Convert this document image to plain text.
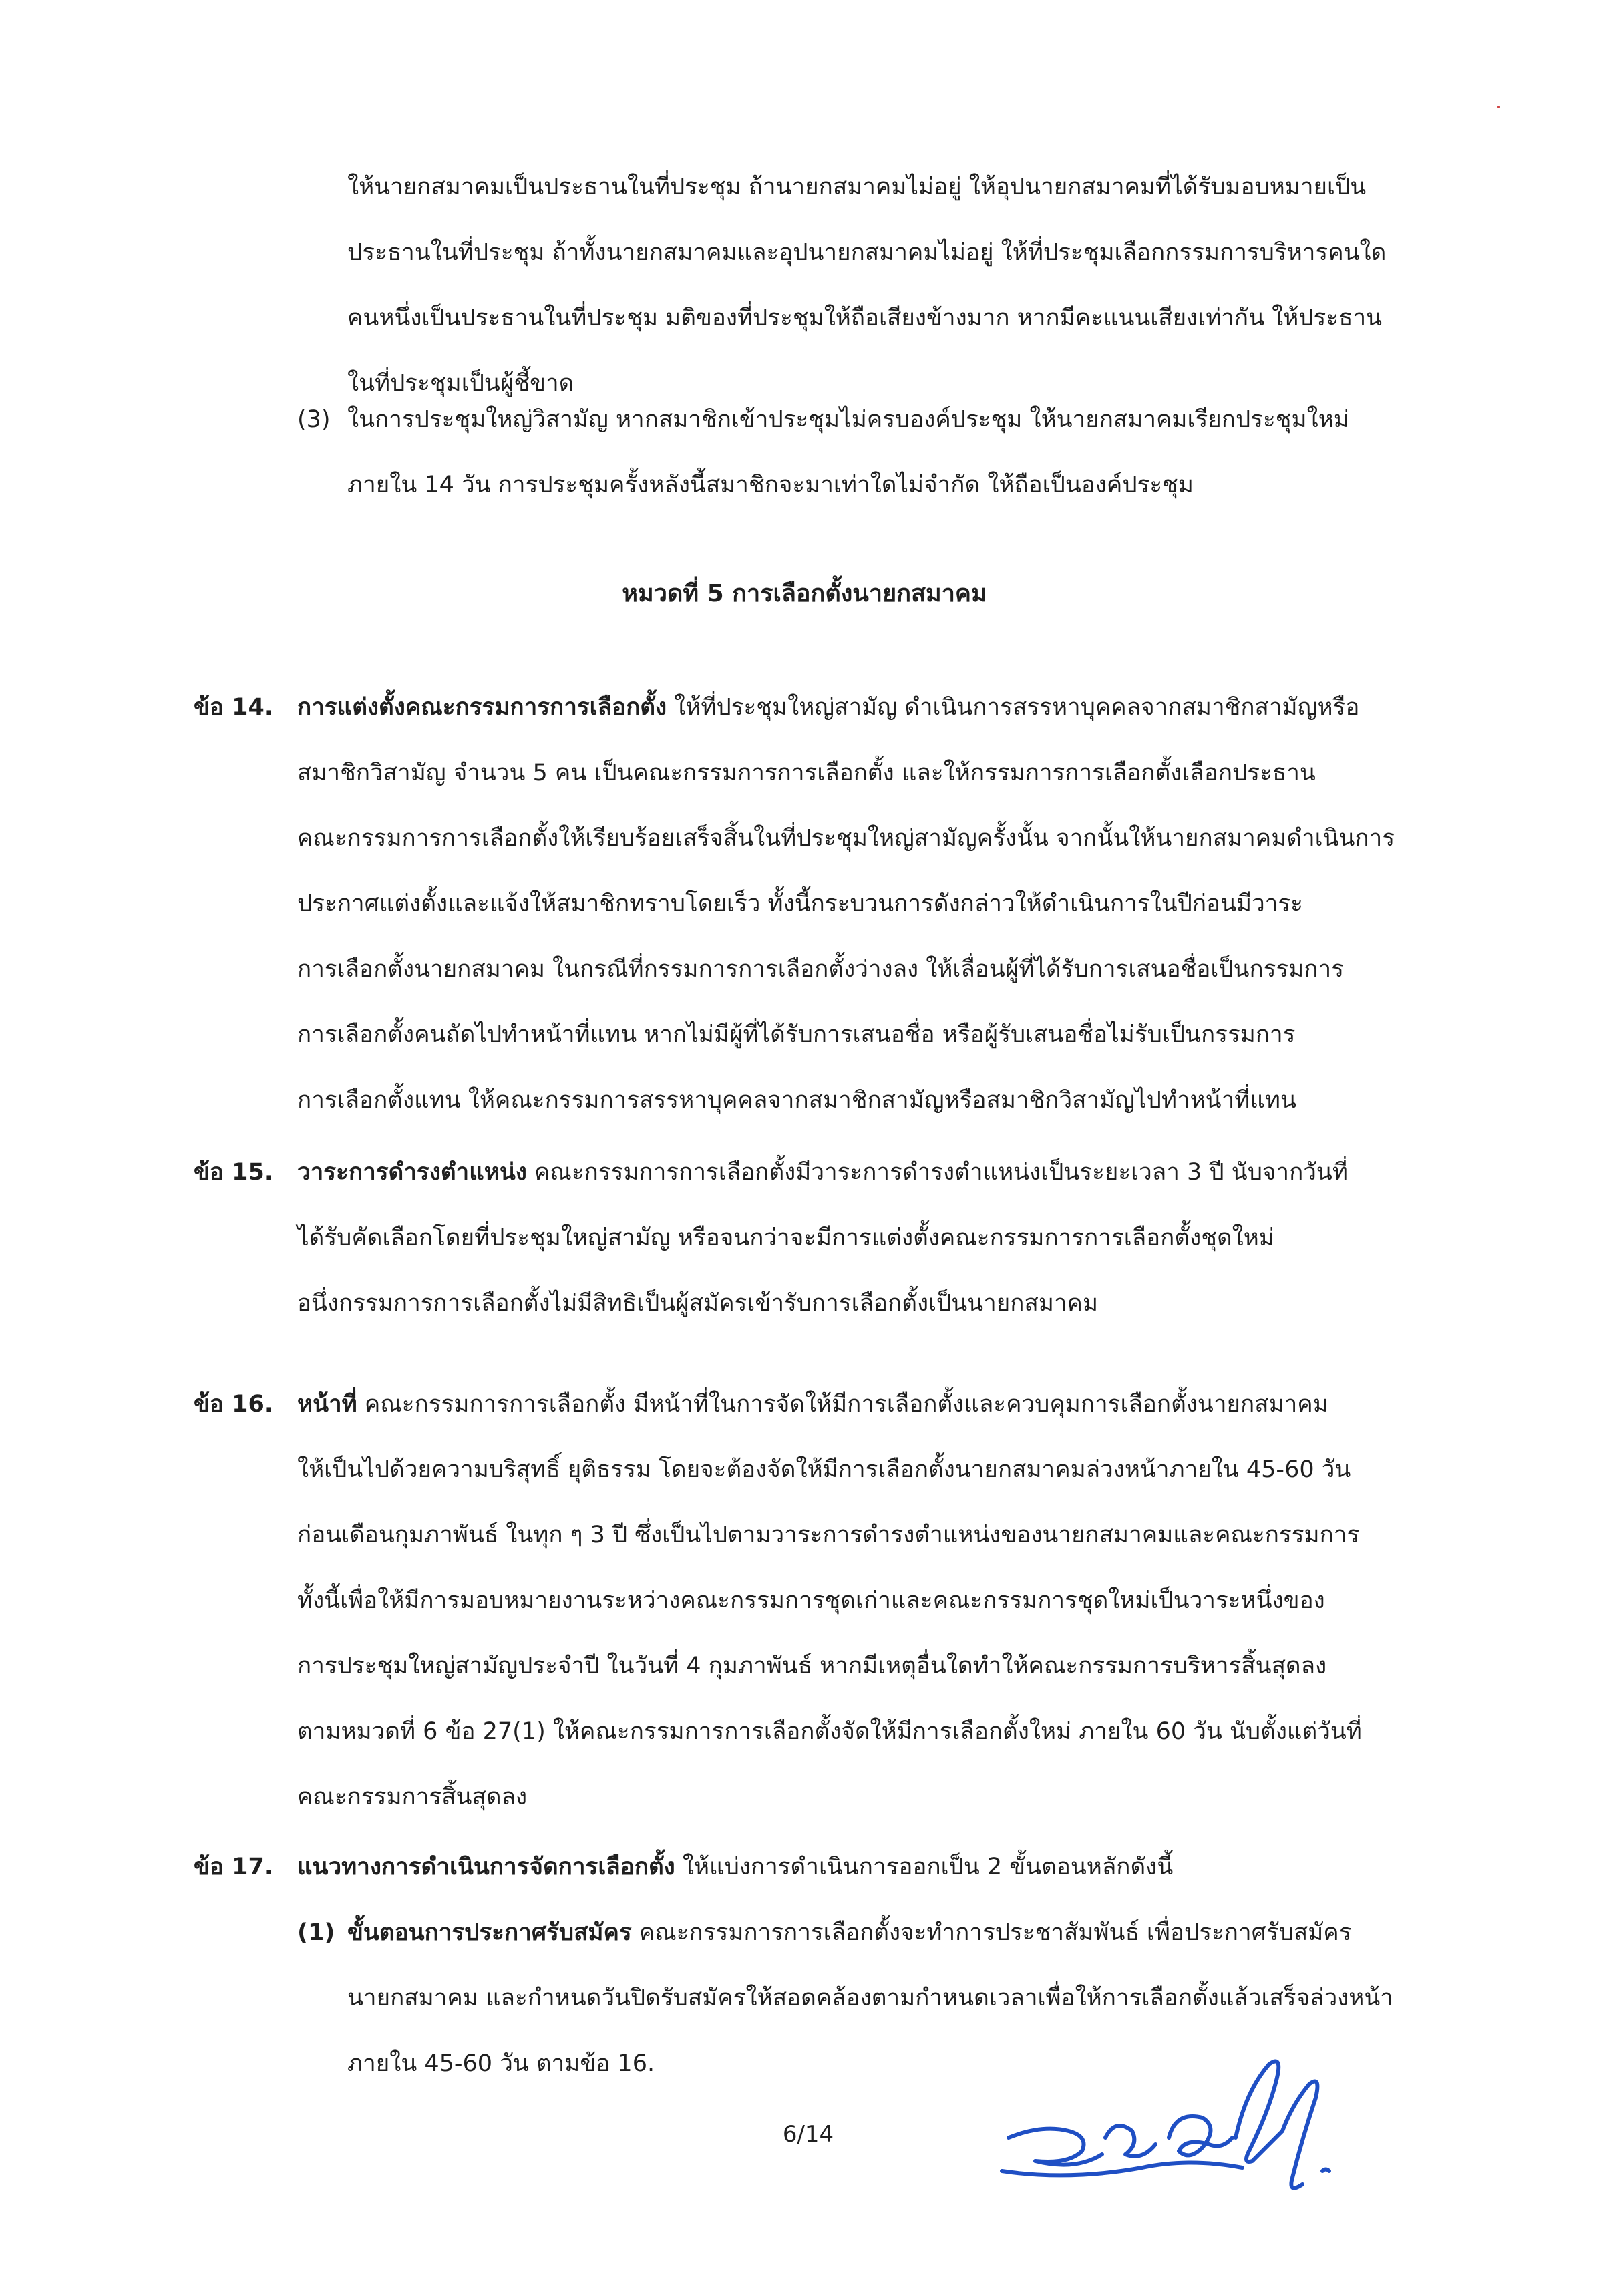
ให้นายกสมาคมเป็นประธานในที่ประชุม ถ้านายกสมาคมไม่อยู่ ให้อุปนายกสมาคมที่ได้รับมอบหมายเป็น
ประธานในที่ประชุม ถ้าทั้งนายกสมาคมและอุปนายกสมาคมไม่อยู่ ให้ที่ประชุมเลือกกรรมการบริหารคนใด
คนหนึ่งเป็นประธานในที่ประชุม มติของที่ประชุมให้ถือเสียงข้างมาก หากมีคะแนนเสียงเท่ากัน ให้ประธาน
ในที่ประชุมเป็นผู้ชี้ขาด
(3) ในการประชุมใหญ่วิสามัญ หากสมาชิกเข้าประชุมไม่ครบองค์ประชุม ให้นายกสมาคมเรียกประชุมใหม่
ภายใน 14 วัน การประชุมครั้งหลังนี้สมาชิกจะมาเท่าใดไม่จำกัด ให้ถือเป็นองค์ประชุม
หมวดที่ 5 การเลือกตั้งนายกสมาคม
ข้อ 14. การแต่งตั้งคณะกรรมการการเลือกตั้ง ให้ที่ประชุมใหญ่สามัญ ดำเนินการสรรหาบุคคลจากสมาชิกสามัญหรือ
สมาชิกวิสามัญ จำนวน 5 คน เป็นคณะกรรมการการเลือกตั้ง และให้กรรมการการเลือกตั้งเลือกประธาน
คณะกรรมการการเลือกตั้งให้เรียบร้อยเสร็จสิ้นในที่ประชุมใหญ่สามัญครั้งนั้น จากนั้นให้นายกสมาคมดำเนินการ
ประกาศแต่งตั้งและแจ้งให้สมาชิกทราบโดยเร็ว ทั้งนี้กระบวนการดังกล่าวให้ดำเนินการในปีก่อนมีวาระ
การเลือกตั้งนายกสมาคม ในกรณีที่กรรมการการเลือกตั้งว่างลง ให้เลื่อนผู้ที่ได้รับการเสนอชื่อเป็นกรรมการ
การเลือกตั้งคนถัดไปทำหน้าที่แทน หากไม่มีผู้ที่ได้รับการเสนอชื่อ หรือผู้รับเสนอชื่อไม่รับเป็นกรรมการ
การเลือกตั้งแทน ให้คณะกรรมการสรรหาบุคคลจากสมาชิกสามัญหรือสมาชิกวิสามัญไปทำหน้าที่แทน
ข้อ 15. วาระการดำรงตำแหน่ง คณะกรรมการการเลือกตั้งมีวาระการดำรงตำแหน่งเป็นระยะเวลา 3 ปี นับจากวันที่
ได้รับคัดเลือกโดยที่ประชุมใหญ่สามัญ หรือจนกว่าจะมีการแต่งตั้งคณะกรรมการการเลือกตั้งชุดใหม่
อนึ่งกรรมการการเลือกตั้งไม่มีสิทธิเป็นผู้สมัครเข้ารับการเลือกตั้งเป็นนายกสมาคม
ข้อ 16. หน้าที่ คณะกรรมการการเลือกตั้ง มีหน้าที่ในการจัดให้มีการเลือกตั้งและควบคุมการเลือกตั้งนายกสมาคม
ให้เป็นไปด้วยความบริสุทธิ์ ยุติธรรม โดยจะต้องจัดให้มีการเลือกตั้งนายกสมาคมล่วงหน้าภายใน 45-60 วัน
ก่อนเดือนกุมภาพันธ์ ในทุก ๆ 3 ปี ซึ่งเป็นไปตามวาระการดำรงตำแหน่งของนายกสมาคมและคณะกรรมการ
ทั้งนี้เพื่อให้มีการมอบหมายงานระหว่างคณะกรรมการชุดเก่าและคณะกรรมการชุดใหม่เป็นวาระหนึ่งของ
การประชุมใหญ่สามัญประจำปี ในวันที่ 4 กุมภาพันธ์ หากมีเหตุอื่นใดทำให้คณะกรรมการบริหารสิ้นสุดลง
ตามหมวดที่ 6 ข้อ 27(1) ให้คณะกรรมการการเลือกตั้งจัดให้มีการเลือกตั้งใหม่ ภายใน 60 วัน นับตั้งแต่วันที่
คณะกรรมการสิ้นสุดลง
ข้อ 17. แนวทางการดำเนินการจัดการเลือกตั้ง ให้แบ่งการดำเนินการออกเป็น 2 ขั้นตอนหลักดังนี้
(1) ขั้นตอนการประกาศรับสมัคร คณะกรรมการการเลือกตั้งจะทำการประชาสัมพันธ์ เพื่อประกาศรับสมัคร
นายกสมาคม และกำหนดวันปิดรับสมัครให้สอดคล้องตามกำหนดเวลาเพื่อให้การเลือกตั้งแล้วเสร็จล่วงหน้า
ภายใน 45-60 วัน ตามข้อ 16.
6/14
